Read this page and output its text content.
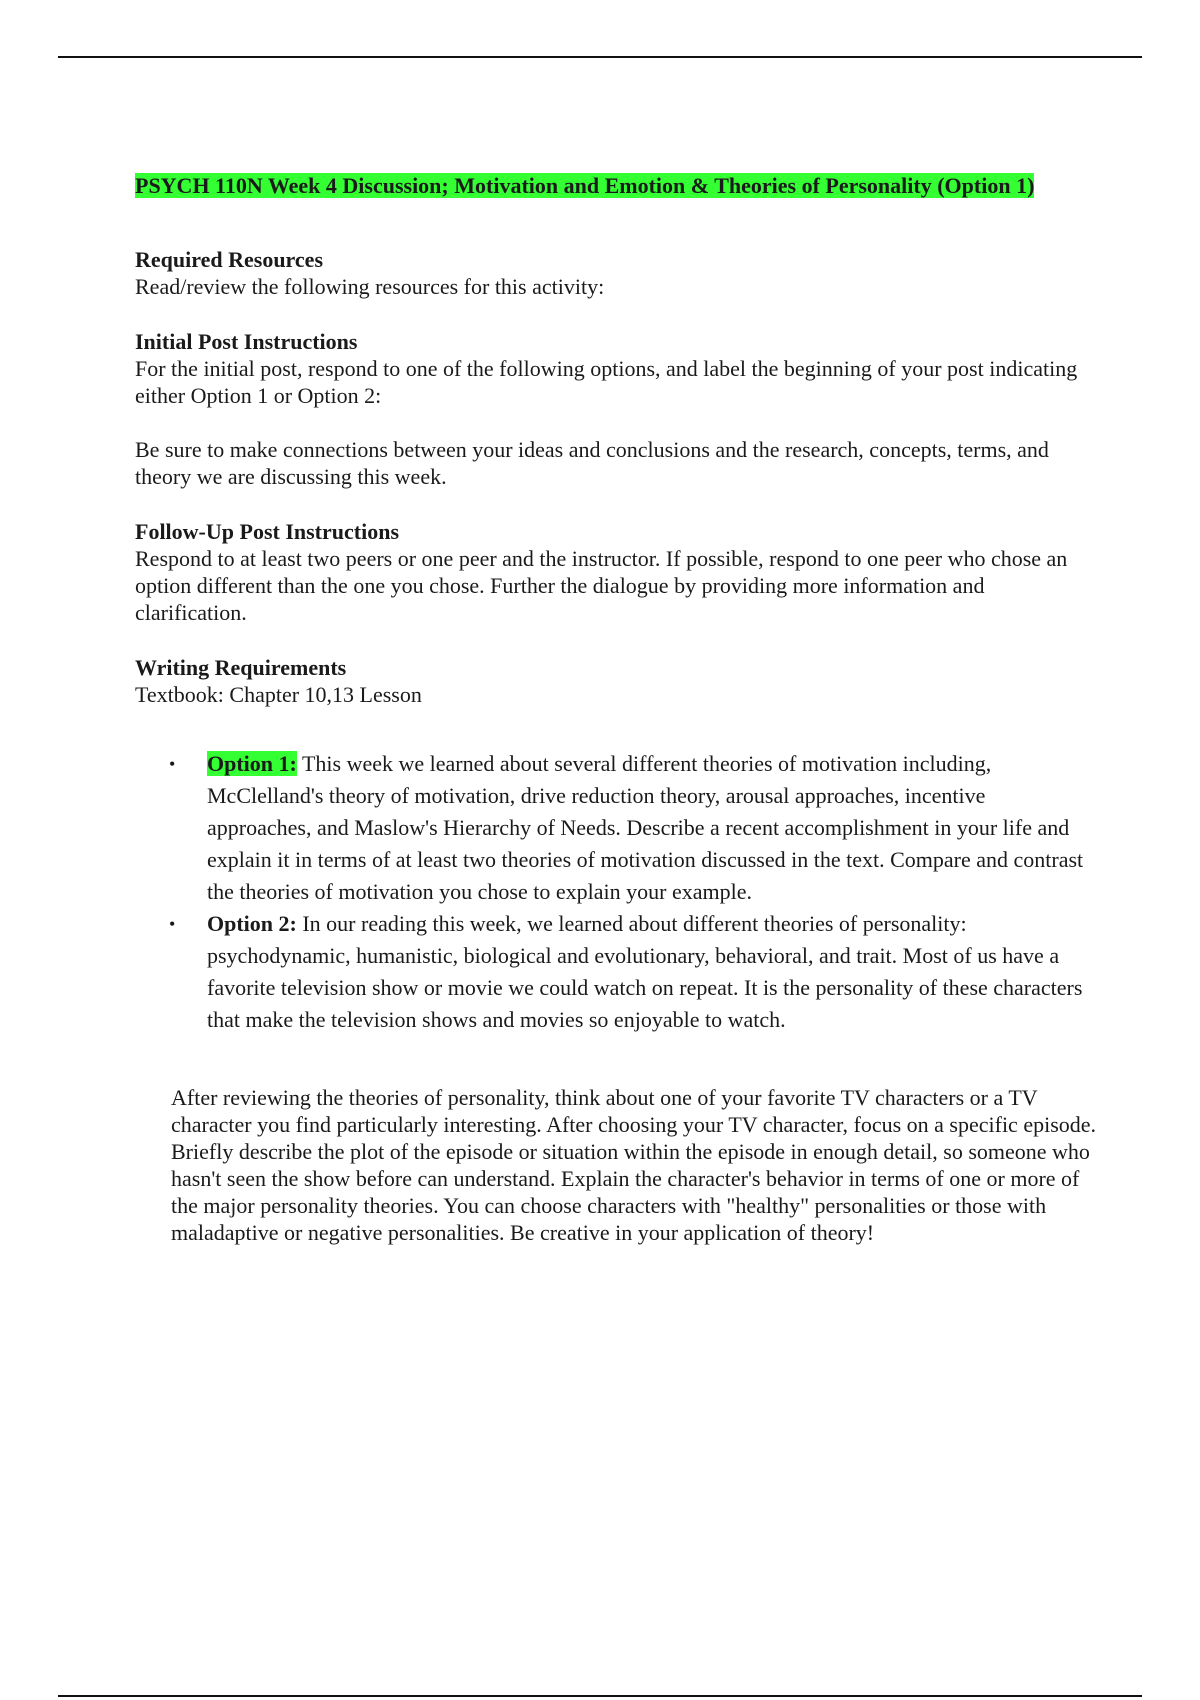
PSYCH 110N Week 4 Discussion; Motivation and Emotion & Theories of Personality (Option 1)
Required Resources
Read/review the following resources for this activity:
Initial Post Instructions
For the initial post, respond to one of the following options, and label the beginning of your post indicating either Option 1 or Option 2:
Be sure to make connections between your ideas and conclusions and the research, concepts, terms, and theory we are discussing this week.
Follow-Up Post Instructions
Respond to at least two peers or one peer and the instructor. If possible, respond to one peer who chose an option different than the one you chose. Further the dialogue by providing more information and clarification.
Writing Requirements
Textbook: Chapter 10,13 Lesson
• Option 1: This week we learned about several different theories of motivation including, McClelland's theory of motivation, drive reduction theory, arousal approaches, incentive approaches, and Maslow's Hierarchy of Needs. Describe a recent accomplishment in your life and explain it in terms of at least two theories of motivation discussed in the text. Compare and contrast the theories of motivation you chose to explain your example.
• Option 2: In our reading this week, we learned about different theories of personality: psychodynamic, humanistic, biological and evolutionary, behavioral, and trait. Most of us have a favorite television show or movie we could watch on repeat. It is the personality of these characters that make the television shows and movies so enjoyable to watch.
After reviewing the theories of personality, think about one of your favorite TV characters or a TV character you find particularly interesting. After choosing your TV character, focus on a specific episode. Briefly describe the plot of the episode or situation within the episode in enough detail, so someone who hasn't seen the show before can understand. Explain the character's behavior in terms of one or more of the major personality theories. You can choose characters with "healthy" personalities or those with maladaptive or negative personalities. Be creative in your application of theory!
